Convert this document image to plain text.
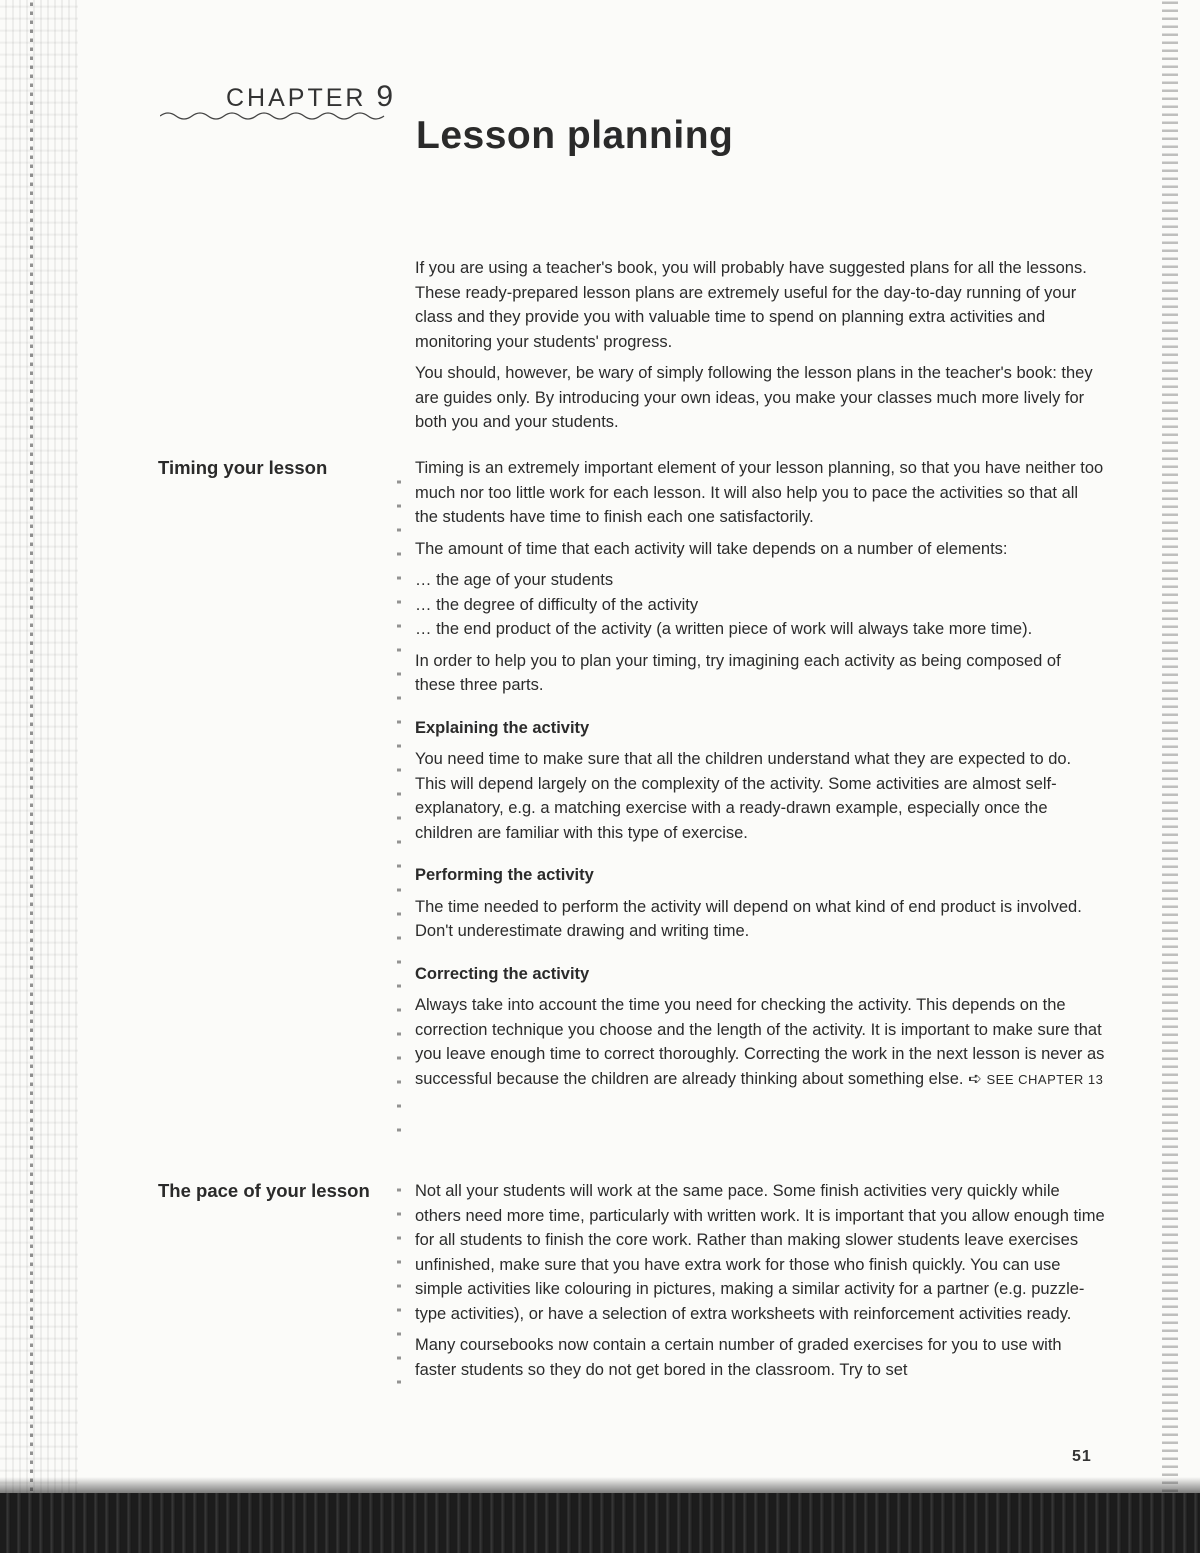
CHAPTER 9
Lesson planning

If you are using a teacher's book, you will probably have suggested plans for all the lessons. These ready-prepared lesson plans are extremely useful for the day-to-day running of your class and they provide you with valuable time to spend on planning extra activities and monitoring your students' progress.

You should, however, be wary of simply following the lesson plans in the teacher's book: they are guides only. By introducing your own ideas, you make your classes much more lively for both you and your students.

Timing your lesson	Timing is an extremely important element of your lesson planning, so that you have neither too much nor too little work for each lesson. It will also help you to pace the activities so that all the students have time to finish each one satisfactorily.

The amount of time that each activity will take depends on a number of elements:

… the age of your students
… the degree of difficulty of the activity
… the end product of the activity (a written piece of work will always take more time).

In order to help you to plan your timing, try imagining each activity as being composed of these three parts.

Explaining the activity

You need time to make sure that all the children understand what they are expected to do. This will depend largely on the complexity of the activity. Some activities are almost self-explanatory, e.g. a matching exercise with a ready-drawn example, especially once the children are familiar with this type of exercise.

Performing the activity

The time needed to perform the activity will depend on what kind of end product is involved. Don't underestimate drawing and writing time.

Correcting the activity

Always take into account the time you need for checking the activity. This depends on the correction technique you choose and the length of the activity. It is important to make sure that you leave enough time to correct thoroughly. Correcting the work in the next lesson is never as successful because the children are already thinking about something else. ➪ SEE CHAPTER 13

The pace of your lesson	Not all your students will work at the same pace. Some finish activities very quickly while others need more time, particularly with written work. It is important that you allow enough time for all students to finish the core work. Rather than making slower students leave exercises unfinished, make sure that you have extra work for those who finish quickly. You can use simple activities like colouring in pictures, making a similar activity for a partner (e.g. puzzle-type activities), or have a selection of extra worksheets with reinforcement activities ready.

Many coursebooks now contain a certain number of graded exercises for you to use with faster students so they do not get bored in the classroom. Try to set

51
